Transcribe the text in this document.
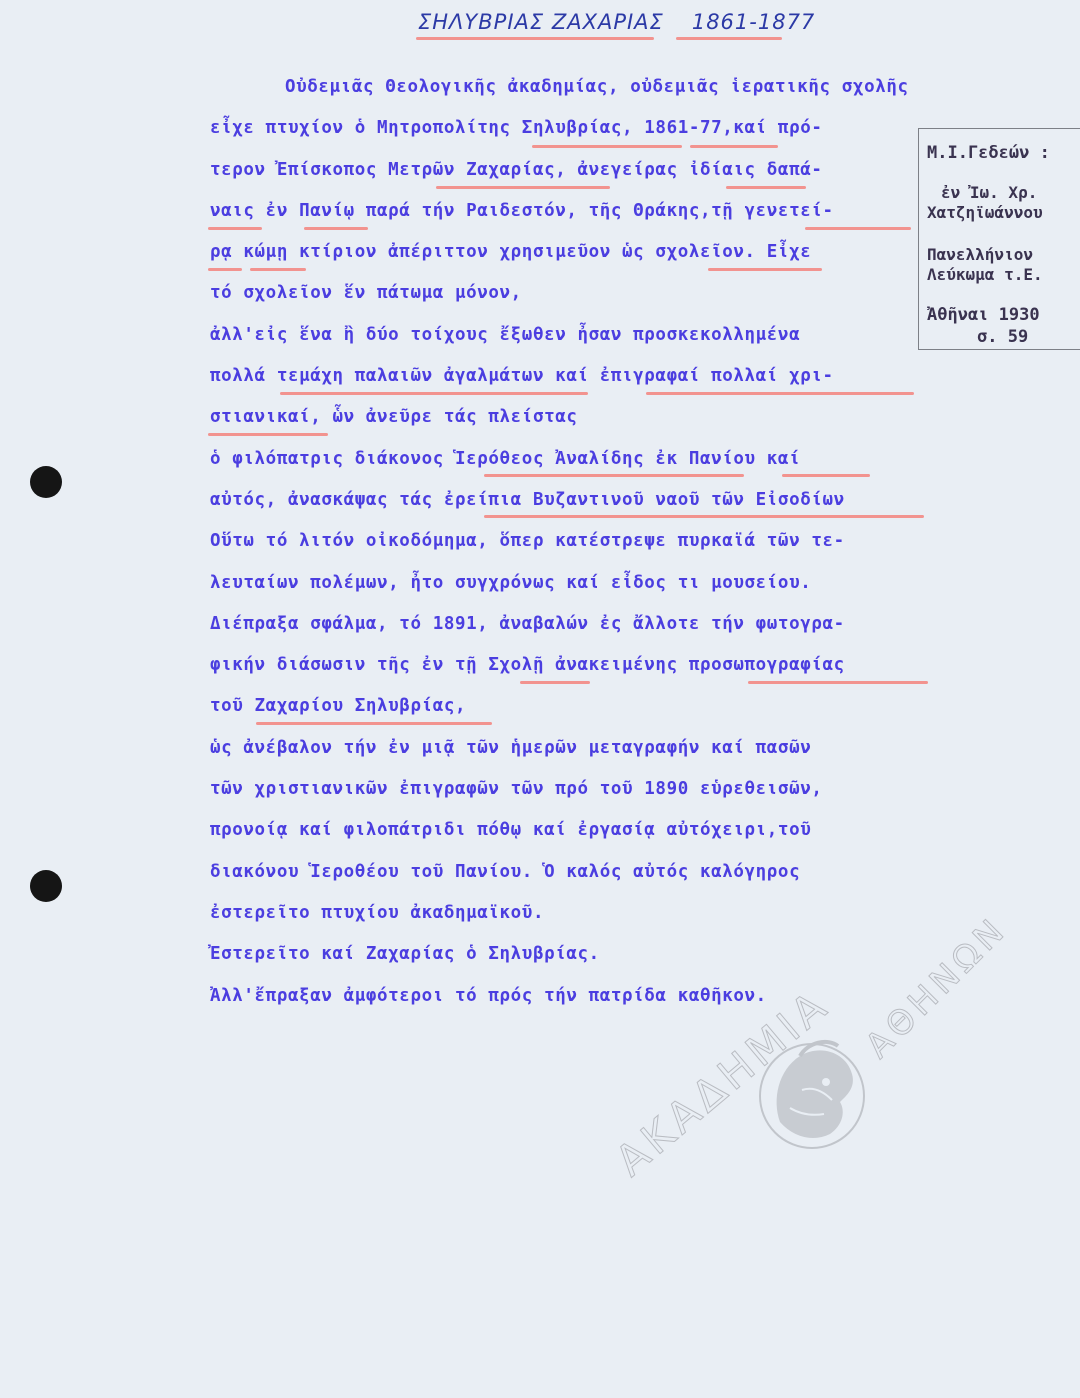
ΣΗΛΥΒΡΙΑΣ ΖΑΧΑΡΙΑΣ 1861-1877
Οὐδεμιᾶς Θεολογικῆς ἀκαδημίας, οὐδεμιᾶς ἱερατικῆς σχολῆς
εἶχε πτυχίον ὁ Μητροπολίτης Σηλυβρίας, 1861-77,καί πρό-
τερον Ἐπίσκοπος Μετρῶν Ζαχαρίας, ἀνεγείρας ἰδίαις δαπά-
ναις ἐν Πανίῳ παρά τήν Ραιδεστόν, τῆς Θράκης,τῇ γενετεί-
ρᾳ κώμῃ κτίριον ἀπέριττον χρησιμεῦον ὡς σχολεῖον. Εἶχε
τό σχολεῖον ἕν πάτωμα μόνον,
ἀλλ'εἰς ἕνα ἢ δύο τοίχους ἔξωθεν ἦσαν προσκεκολλημένα
πολλά τεμάχη παλαιῶν ἀγαλμάτων καί ἐπιγραφαί πολλαί χρι-
στιανικαί, ὧν ἀνεῦρε τάς πλείστας
ὁ φιλόπατρις διάκονος Ἱερόθεος Ἀναλίδης ἐκ Πανίου καί
αὐτός, ἀνασκάψας τάς ἐρείπια Βυζαντινοῦ ναοῦ τῶν Εἰσοδίων
Οὕτω τό λιτόν οἰκοδόμημα, ὅπερ κατέστρεψε πυρκαϊά τῶν τε-
λευταίων πολέμων, ἦτο συγχρόνως καί εἶδος τι μουσείου.
Διέπραξα σφάλμα, τό 1891, ἀναβαλών ἐς ἄλλοτε τήν φωτογρα-
φικήν διάσωσιν τῆς ἐν τῇ Σχολῇ ἀνακειμένης προσωπογραφίας
τοῦ Ζαχαρίου Σηλυβρίας,
ὡς ἀνέβαλον τήν ἐν μιᾷ τῶν ἡμερῶν μεταγραφήν καί πασῶν
τῶν χριστιανικῶν ἐπιγραφῶν τῶν πρό τοῦ 1890 εὑρεθεισῶν,
προνοίᾳ καί φιλοπάτριδι πόθῳ καί ἐργασίᾳ αὐτόχειρι,τοῦ
διακόνου Ἱεροθέου τοῦ Πανίου. Ὁ καλός αὐτός καλόγηρος
ἐστερεῖτο πτυχίου ἀκαδημαϊκοῦ.
Ἐστερεῖτο καί Ζαχαρίας ὁ Σηλυβρίας.
Ἀλλ'ἔπραξαν ἀμφότεροι τό πρός τήν πατρίδα καθῆκον.
Μ.Ι.Γεδεών :
ἐν Ἰω. Χρ.
Χατζηϊωάννου
Πανελλήνιον
Λεύκωμα τ.Ε.
Ἀθῆναι 1930
σ. 59
ΑΚΑΔΗΜΙΑ ΑΘΗΝΩΝ
